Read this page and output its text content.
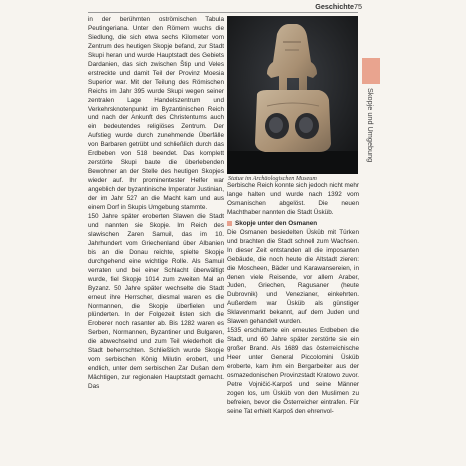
Geschichte 75

in der berühmten oströmischen Tabula Peutingeriana. Unter den Römern wuchs die Siedlung, die sich etwa sechs Kilometer vom Zentrum des heutigen Skopje befand, zur Stadt Skupi heran und wurde Hauptstadt des Gebiets Dardanien, das sich zwischen Štip und Veles erstreckte und damit Teil der Provinz Moesia Superior war. Mit der Teilung des Römischen Reichs im Jahr 395 wurde Skupi wegen seiner zentralen Lage Handelszentrum und Verkehrsknotenpunkt im Byzantinischen Reich und nach der Ankunft des Christentums auch ein bedeutendes religiöses Zentrum. Der Aufstieg wurde durch zunehmende Überfälle von Barbaren getrübt und schließlich durch das Erdbeben von 518 beendet. Das komplett zerstörte Skupi baute die überlebenden Bewohner an der Stelle des heutigen Skopjes wieder auf. Ihr prominentester Helfer war angeblich der byzantinische Imperator Justinian, der im Jahr 527 an die Macht kam und aus einem Dorf in Skupis Umgebung stammte.

150 Jahre später eroberten Slawen die Stadt und nannten sie Skopje. Im Reich des slawischen Zaren Samuil, das im 10. Jahrhundert vom Griechenland über Albanien bis an die Donau reichte, spielte Skopje durchgehend eine wichtige Rolle. Als Samuil verraten und bei einer Schlacht überwältigt wurde, fiel Skopje 1014 zum zweiten Mal an Byzanz. 50 Jahre später wechselte die Stadt erneut ihre Herrscher, diesmal waren es die Normannen, die Skopje überfielen und plünderten. In der Folgezeit listen sich die Eroberer noch rasanter ab. Bis 1282 waren es Serben, Normannen, Byzantiner und Bulgaren, die abwechselnd und zum Teil wiederholt die Stadt beherrschten. Schließlich wurde Skopje vom serbischen König Milutin erobert, und endlich, unter dem serbischen Zar Dušan dem Mächtigen, zur regionalen Hauptstadt gemacht. Das

Statue im Archäologischen Museum

Serbische Reich konnte sich jedoch nicht mehr lange halten und wurde nach 1392 vom Osmanischen abgelöst. Die neuen Machthaber nannten die Stadt Üsküb.

Skopje unter den Osmanen

Die Osmanen besiedelten Üsküb mit Türken und brachten die Stadt schnell zum Wachsen. In dieser Zeit entstanden all die imposanten Gebäude, die noch heute die Altstadt zieren: die Moscheen, Bäder und Karawansereien, in denen viele Reisende, vor allem Araber, Juden, Griechen, Ragusaner (heute Dubrovnik) und Venezianer, einkehrten. Außerdem war Üsküb als günstiger Sklavenmarkt bekannt, auf dem Juden und Slawen gehandelt wurden.

1535 erschütterte ein erneutes Erdbeben die Stadt, und 60 Jahre später zerstörte sie ein großer Brand. Als 1689 das österreichische Heer unter General Piccolomini Üsküb eroberte, kam ihm ein Bergarbeiter aus der osmazedonischen Provinzstadt Kratowo zuvor. Petre Vojničić-Karpoš und seine Männer zogen los, um Üsküb von den Muslimen zu befreien, bevor die Österreicher eintrafen. Für seine Tat erhielt Karpoš den ehrenvol-

Skopje und Umgebung
